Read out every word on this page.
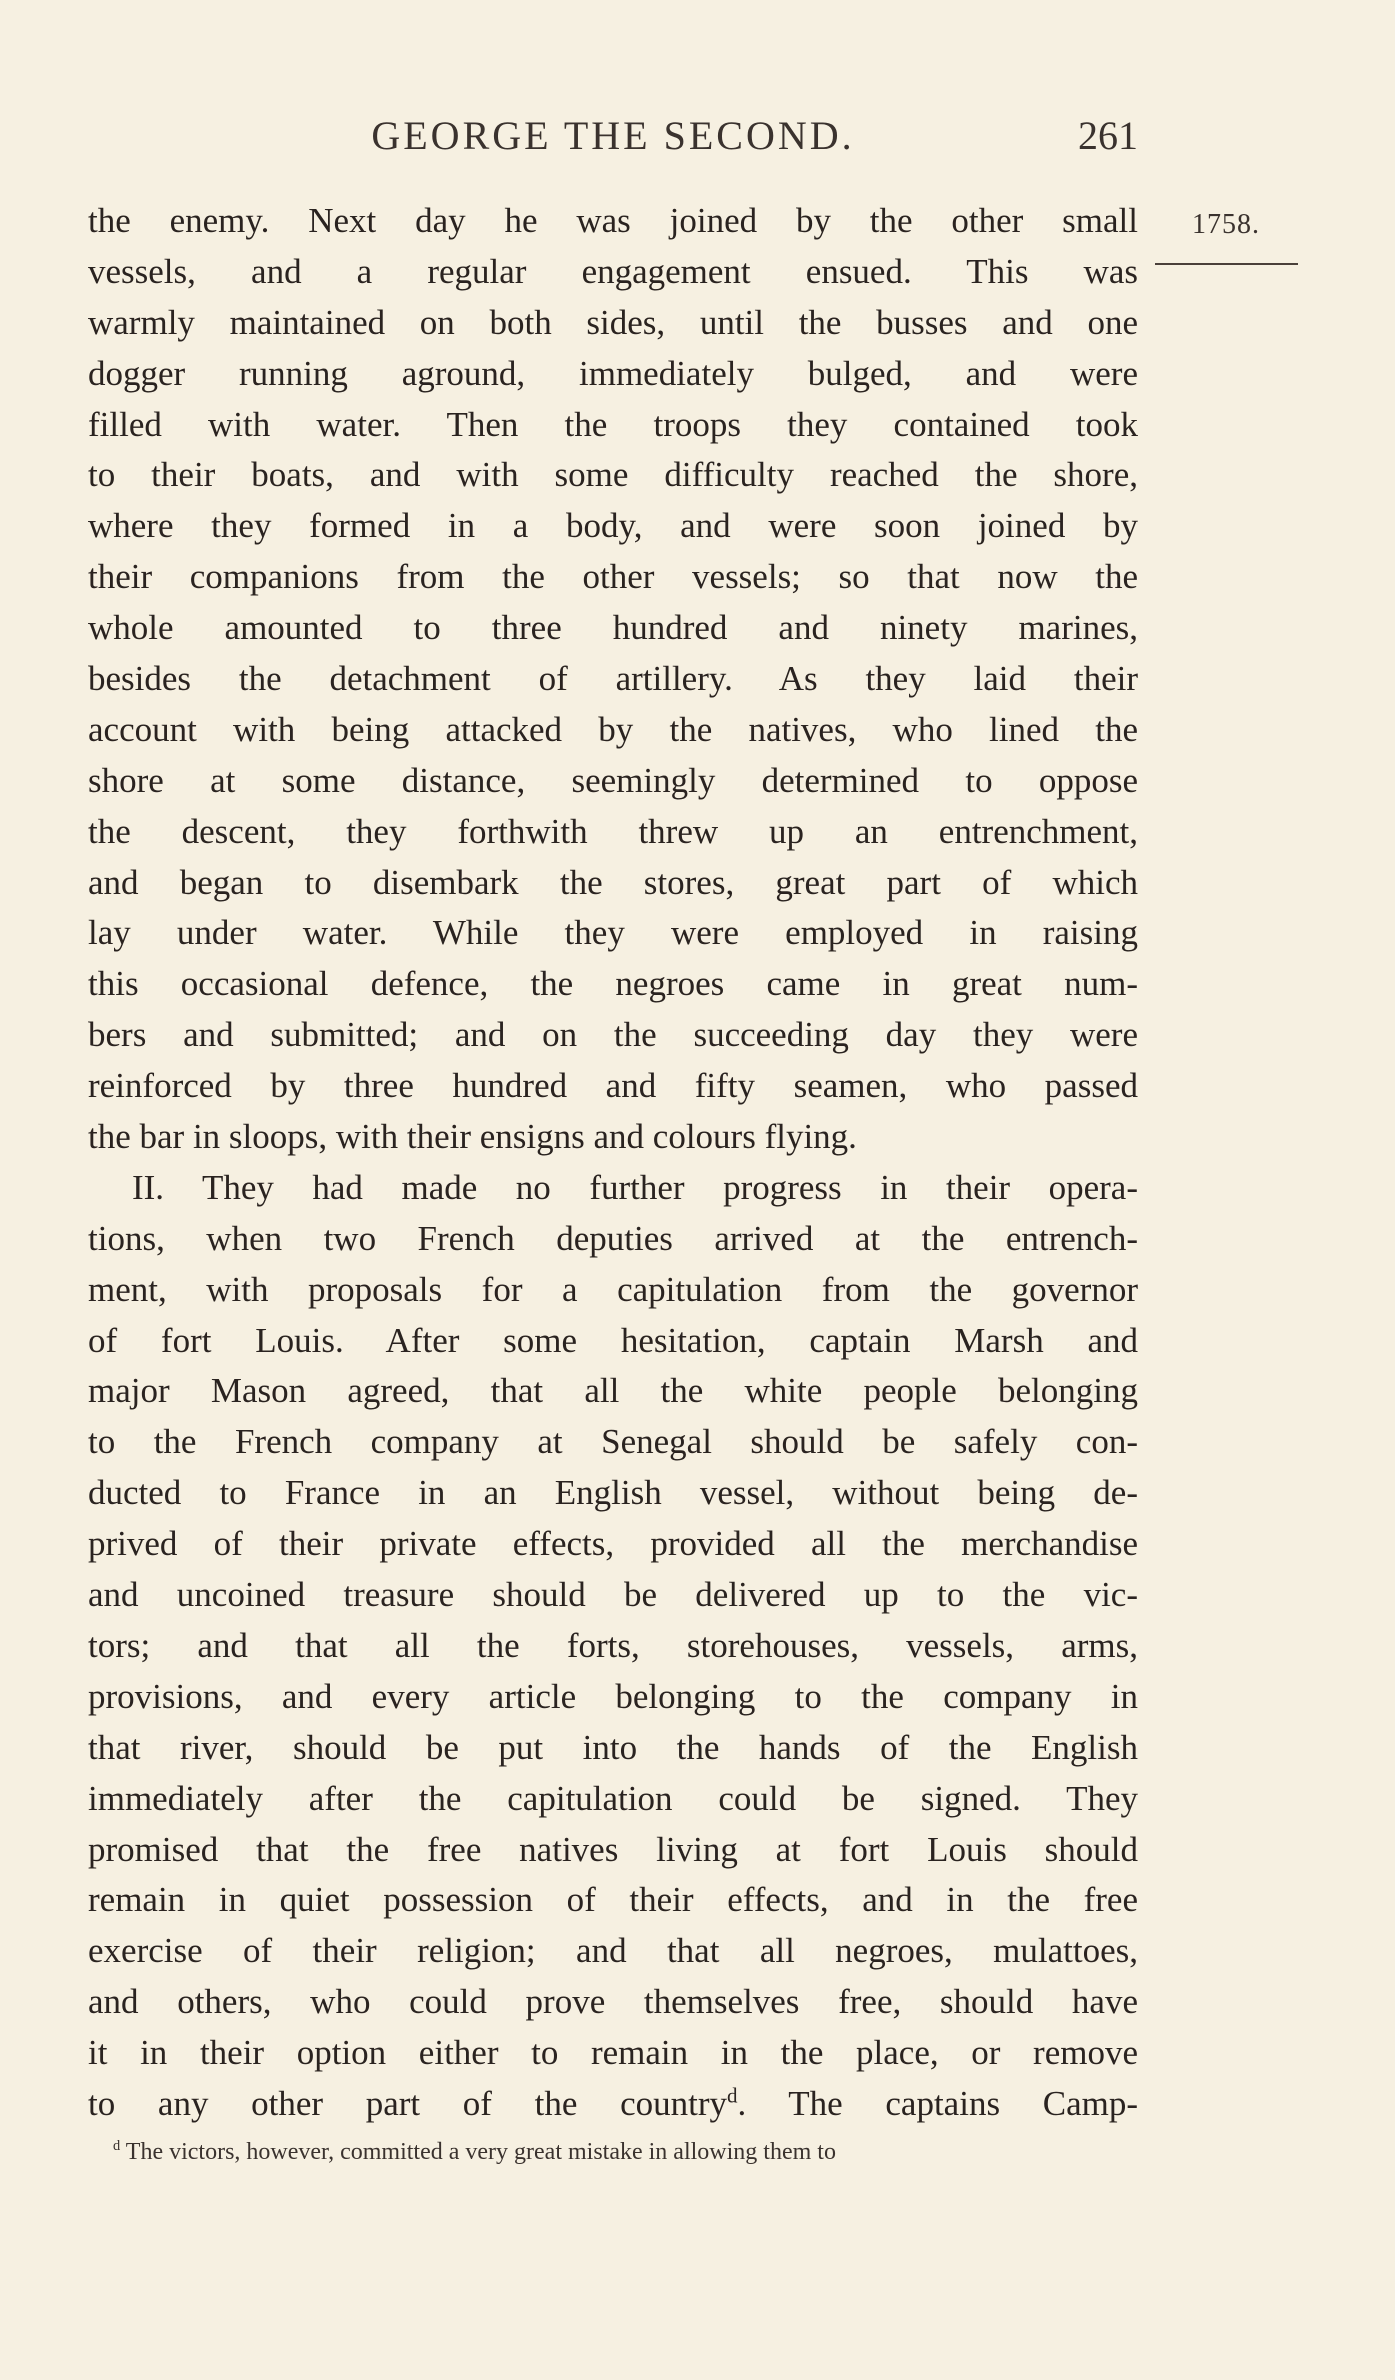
GEORGE THE SECOND.	261
1758.
the enemy. Next day he was joined by the other small
vessels, and a regular engagement ensued. This was
warmly maintained on both sides, until the busses and one
dogger running aground, immediately bulged, and were
filled with water. Then the troops they contained took
to their boats, and with some difficulty reached the shore,
where they formed in a body, and were soon joined by
their companions from the other vessels; so that now the
whole amounted to three hundred and ninety marines,
besides the detachment of artillery. As they laid their
account with being attacked by the natives, who lined the
shore at some distance, seemingly determined to oppose
the descent, they forthwith threw up an entrenchment,
and began to disembark the stores, great part of which
lay under water. While they were employed in raising
this occasional defence, the negroes came in great num-
bers and submitted; and on the succeeding day they were
reinforced by three hundred and fifty seamen, who passed
the bar in sloops, with their ensigns and colours flying.
II. They had made no further progress in their opera-
tions, when two French deputies arrived at the entrench-
ment, with proposals for a capitulation from the governor
of fort Louis. After some hesitation, captain Marsh and
major Mason agreed, that all the white people belonging
to the French company at Senegal should be safely con-
ducted to France in an English vessel, without being de-
prived of their private effects, provided all the merchandise
and uncoined treasure should be delivered up to the vic-
tors; and that all the forts, storehouses, vessels, arms,
provisions, and every article belonging to the company in
that river, should be put into the hands of the English
immediately after the capitulation could be signed. They
promised that the free natives living at fort Louis should
remain in quiet possession of their effects, and in the free
exercise of their religion; and that all negroes, mulattoes,
and others, who could prove themselves free, should have
it in their option either to remain in the place, or remove
to any other part of the country$^d$. The captains Camp-
$^d$ The victors, however, committed a very great mistake in allowing them to
